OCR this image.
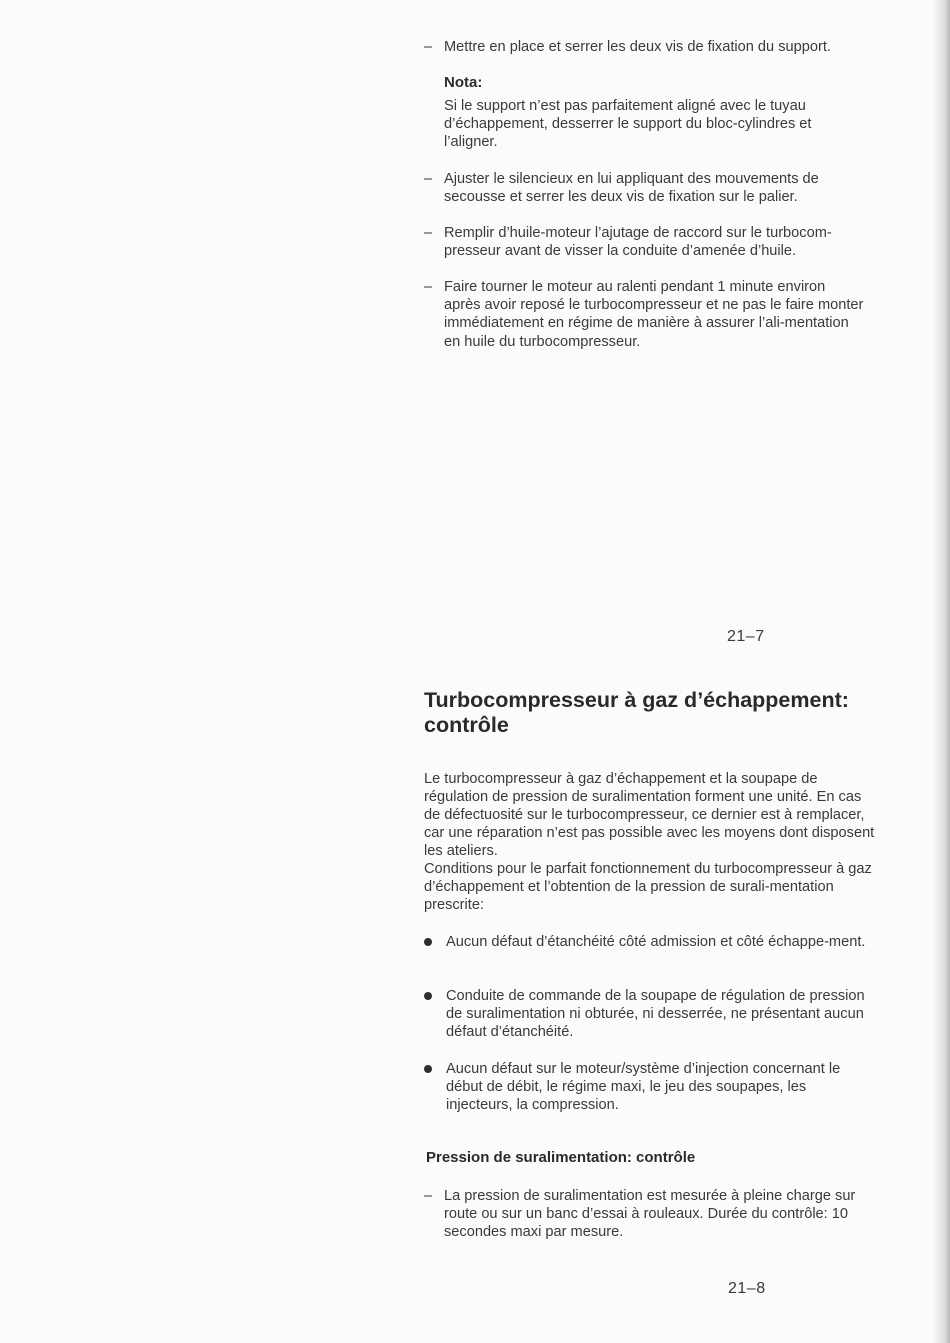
– Mettre en place et serrer les deux vis de fixation du support.
Nota:
Si le support n’est pas parfaitement aligné avec le tuyau d’échappement, desserrer le support du bloc-cylindres et l’aligner.
– Ajuster le silencieux en lui appliquant des mouvements de secousse et serrer les deux vis de fixation sur le palier.
– Remplir d’huile-moteur l’ajutage de raccord sur le turbocom-presseur avant de visser la conduite d’amenée d’huile.
– Faire tourner le moteur au ralenti pendant 1 minute environ après avoir reposé le turbocompresseur et ne pas le faire monter immédiatement en régime de manière à assurer l’ali-mentation en huile du turbocompresseur.
21–7
Turbocompresseur à gaz d’échappement: contrôle

Le turbocompresseur à gaz d’échappement et la soupape de régulation de pression de suralimentation forment une unité. En cas de défectuosité sur le turbocompresseur, ce dernier est à remplacer, car une réparation n’est pas possible avec les moyens dont disposent les ateliers.

Conditions pour le parfait fonctionnement du turbocompresseur à gaz d’échappement et l’obtention de la pression de surali-mentation prescrite:

Aucun défaut d’étanchéité côté admission et côté échappe-ment.
Conduite de commande de la soupape de régulation de pression de suralimentation ni obturée, ni desserrée, ne présentant aucun défaut d’étanchéité.
Aucun défaut sur le moteur/système d’injection concernant le début de débit, le régime maxi, le jeu des soupapes, les injecteurs, la compression.
Pression de suralimentation: contrôle
– La pression de suralimentation est mesurée à pleine charge sur route ou sur un banc d’essai à rouleaux. Durée du contrôle: 10 secondes maxi par mesure.
21–8
